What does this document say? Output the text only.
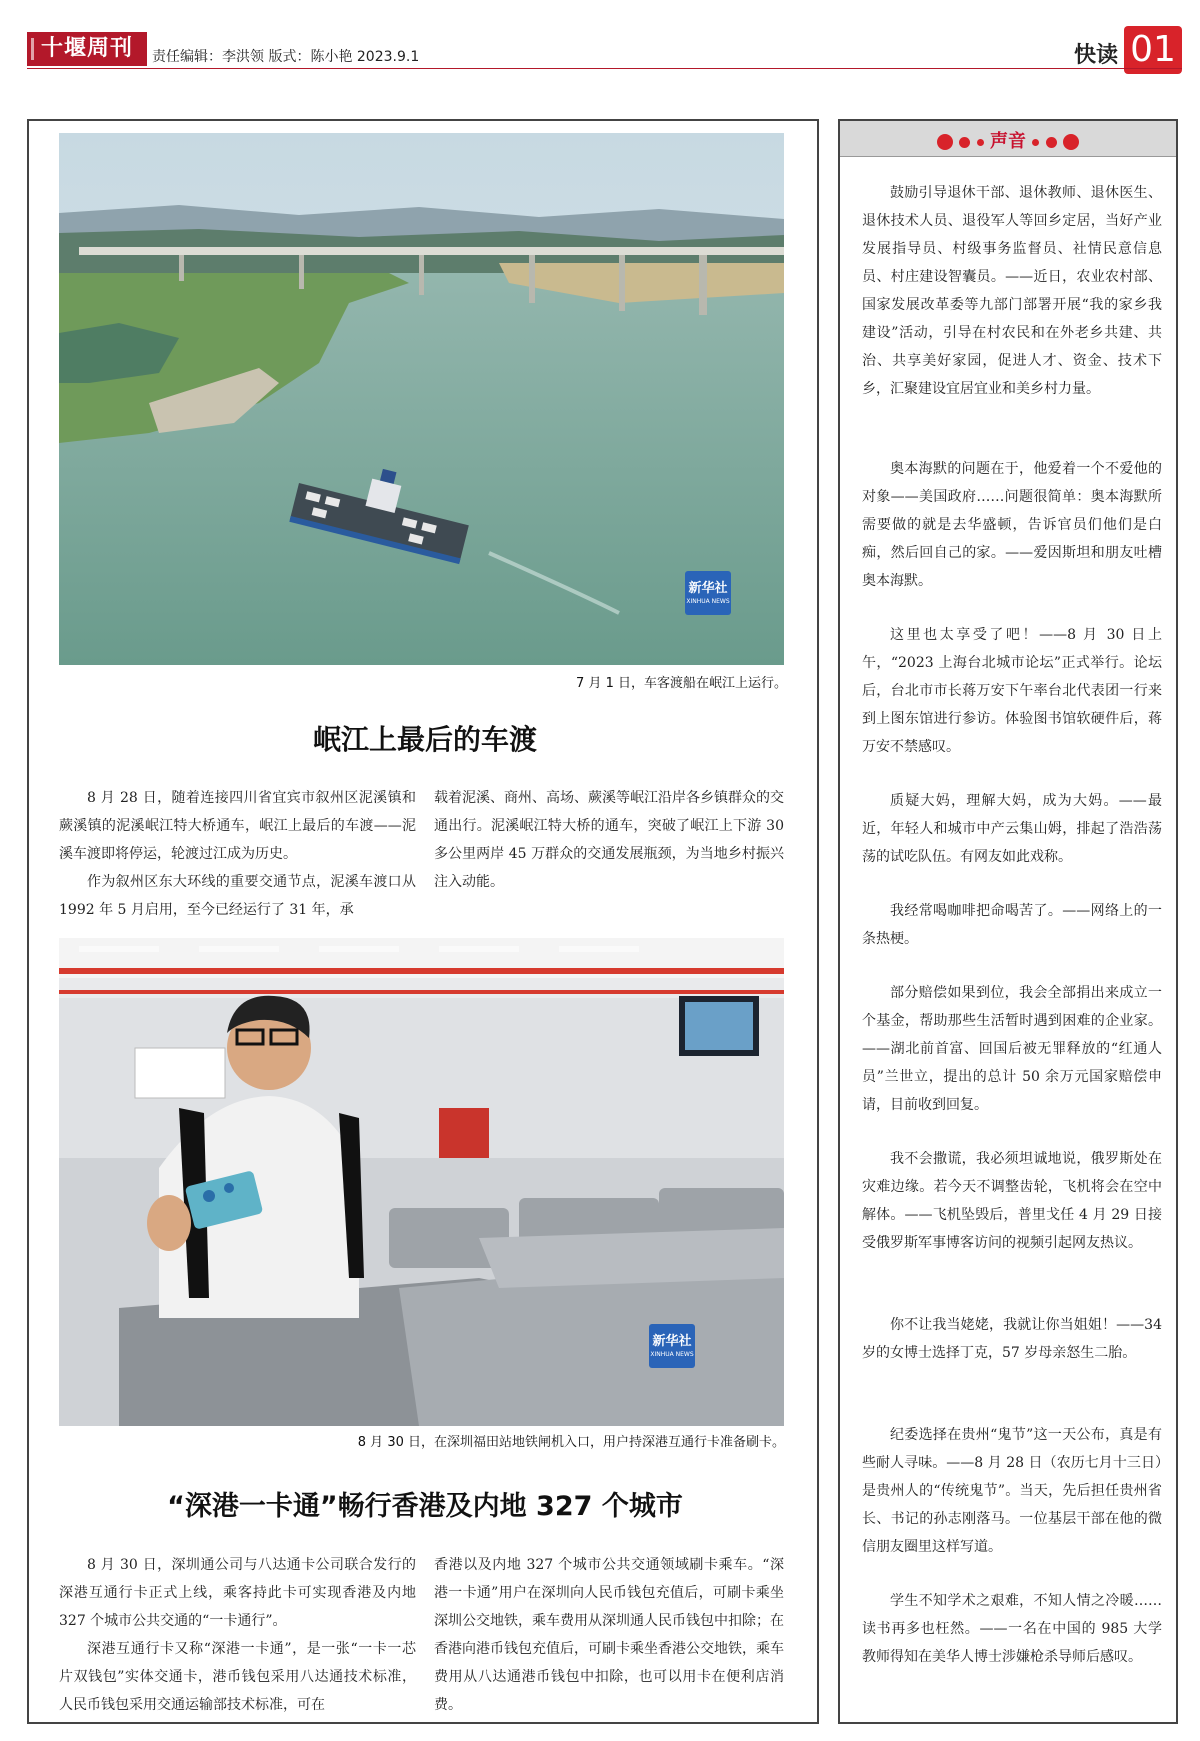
十堰周刊	责任编辑：李洪领 版式：陈小艳 2023.9.1	快读 01
新华社
XINHUA NEWS
7 月 1 日，车客渡船在岷江上运行。
岷江上最后的车渡

8 月 28 日，随着连接四川省宜宾市叙州区泥溪镇和蕨溪镇的泥溪岷江特大桥通车，岷江上最后的车渡——泥溪车渡即将停运，轮渡过江成为历史。

作为叙州区东大环线的重要交通节点，泥溪车渡口从 1992 年 5 月启用，至今已经运行了 31 年，承

载着泥溪、商州、高场、蕨溪等岷江沿岸各乡镇群众的交通出行。泥溪岷江特大桥的通车，突破了岷江上下游 30 多公里两岸 45 万群众的交通发展瓶颈，为当地乡村振兴注入动能。

新华社
XINHUA NEWS
8 月 30 日，在深圳福田站地铁闸机入口，用户持深港互通行卡准备刷卡。
“深港一卡通”畅行香港及内地 327 个城市

8 月 30 日，深圳通公司与八达通卡公司联合发行的深港互通行卡正式上线，乘客持此卡可实现香港及内地 327 个城市公共交通的“一卡通行”。

深港互通行卡又称“深港一卡通”，是一张“一卡一芯片双钱包”实体交通卡，港币钱包采用八达通技术标准，人民币钱包采用交通运输部技术标准，可在

香港以及内地 327 个城市公共交通领域刷卡乘车。“深港一卡通”用户在深圳向人民币钱包充值后，可刷卡乘坐深圳公交地铁，乘车费用从深圳通人民币钱包中扣除；在香港向港币钱包充值后，可刷卡乘坐香港公交地铁，乘车费用从八达通港币钱包中扣除，也可以用卡在便利店消费。

声音

鼓励引导退休干部、退休教师、退休医生、退休技术人员、退役军人等回乡定居，当好产业发展指导员、村级事务监督员、社情民意信息员、村庄建设智囊员。——近日，农业农村部、国家发展改革委等九部门部署开展“我的家乡我建设”活动，引导在村农民和在外老乡共建、共治、共享美好家园，促进人才、资金、技术下乡，汇聚建设宜居宜业和美乡村力量。

奥本海默的问题在于，他爱着一个不爱他的对象——美国政府……问题很简单：奥本海默所需要做的就是去华盛顿，告诉官员们他们是白痴，然后回自己的家。——爱因斯坦和朋友吐槽奥本海默。

这里也太享受了吧！——8 月 30 日上午，“2023 上海台北城市论坛”正式举行。论坛后，台北市市长蒋万安下午率台北代表团一行来到上图东馆进行参访。体验图书馆软硬件后，蒋万安不禁感叹。

质疑大妈，理解大妈，成为大妈。——最近，年轻人和城市中产云集山姆，排起了浩浩荡荡的试吃队伍。有网友如此戏称。

我经常喝咖啡把命喝苦了。——网络上的一条热梗。

部分赔偿如果到位，我会全部捐出来成立一个基金，帮助那些生活暂时遇到困难的企业家。——湖北前首富、回国后被无罪释放的“红通人员”兰世立，提出的总计 50 余万元国家赔偿申请，目前收到回复。

我不会撒谎，我必须坦诚地说，俄罗斯处在灾难边缘。若今天不调整齿轮，飞机将会在空中解体。——飞机坠毁后，普里戈任 4 月 29 日接受俄罗斯军事博客访问的视频引起网友热议。

你不让我当姥姥，我就让你当姐姐！——34 岁的女博士选择丁克，57 岁母亲怒生二胎。

纪委选择在贵州“鬼节”这一天公布，真是有些耐人寻味。——8 月 28 日（农历七月十三日）是贵州人的“传统鬼节”。当天，先后担任贵州省长、书记的孙志刚落马。一位基层干部在他的微信朋友圈里这样写道。

学生不知学术之艰难，不知人情之冷暖……读书再多也枉然。——一名在中国的 985 大学教师得知在美华人博士涉嫌枪杀导师后感叹。
